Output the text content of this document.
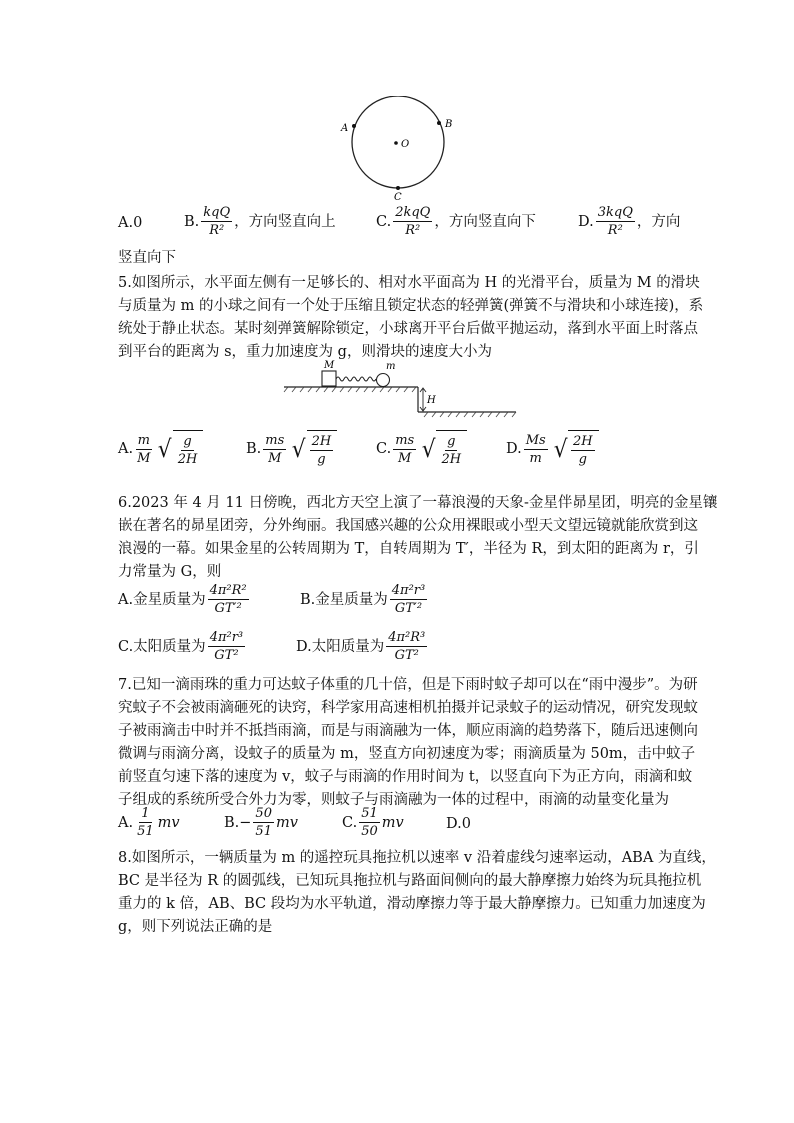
A	B
O
C
A. 0	B. $\frac{\text{kqQ}}{\text{R²}}$ ，方向竖直向上	C. $\frac{\text{2kqQ}}{\text{R²}}$ ，方向竖直向下	D. $\frac{\text{3kqQ}}{\text{R²}}$ ，方向
竖直向下
5.如图所示，水平面左侧有一足够长的、相对水平面高为 H 的光滑平台，质量为 M 的滑块
与质量为 m 的小球之间有一个处于压缩且锁定状态的轻弹簧(弹簧不与滑块和小球连接)，系
统处于静止状态。某时刻弹簧解除锁定，小球离开平台后做平抛运动，落到水平面上时落点
到平台的距离为 s，重力加速度为 g，则滑块的速度大小为
M	m
H
A. $\frac{m}{M}$ √ $\frac{g}{2H}$	B. $\frac{ms}{M}$ √ $\frac{2H}{g}$	C. $\frac{ms}{M}$ √ $\frac{g}{2H}$	D. $\frac{Ms}{m}$ √ $\frac{2H}{g}$
6.2023 年 4 月 11 日傍晚，西北方天空上演了一幕浪漫的天象-金星伴昴星团，明亮的金星镶
嵌在著名的昴星团旁，分外绚丽。我国感兴趣的公众用裸眼或小型天文望远镜就能欣赏到这
浪漫的一幕。如果金星的公转周期为 T，自转周期为 T′，半径为 R，到太阳的距离为 r，引
力常量为 G，则
A.金星质量为 $\frac{\text{4π²R²}}{\text{GT′²}}$	B.金星质量为 $\frac{\text{4π²r³}}{\text{GT′²}}$
C.太阳质量为 $\frac{\text{4π²r³}}{\text{GT²}}$	D.太阳质量为 $\frac{\text{4π²R³}}{\text{GT²}}$
7.已知一滴雨珠的重力可达蚊子体重的几十倍，但是下雨时蚊子却可以在“雨中漫步”。为研
究蚊子不会被雨滴砸死的诀窍，科学家用高速相机拍摄并记录蚊子的运动情况，研究发现蚊
子被雨滴击中时并不抵挡雨滴，而是与雨滴融为一体，顺应雨滴的趋势落下，随后迅速侧向
微调与雨滴分离，设蚊子的质量为 m，竖直方向初速度为零；雨滴质量为 50m，击中蚊子
前竖直匀速下落的速度为 v，蚊子与雨滴的作用时间为 t，以竖直向下为正方向，雨滴和蚊
子组成的系统所受合外力为零，则蚊子与雨滴融为一体的过程中，雨滴的动量变化量为
A. $\frac{1}{51}$ mv	B. − $\frac{50}{51}$ mv	C. $\frac{51}{50}$ mv	D. 0
8.如图所示，一辆质量为 m 的遥控玩具拖拉机以速率 v 沿着虚线匀速率运动，ABA 为直线，
BC 是半径为 R 的圆弧线，已知玩具拖拉机与路面间侧向的最大静摩擦力始终为玩具拖拉机
重力的 k 倍，AB、BC 段均为水平轨道，滑动摩擦力等于最大静摩擦力。已知重力加速度为
g，则下列说法正确的是
